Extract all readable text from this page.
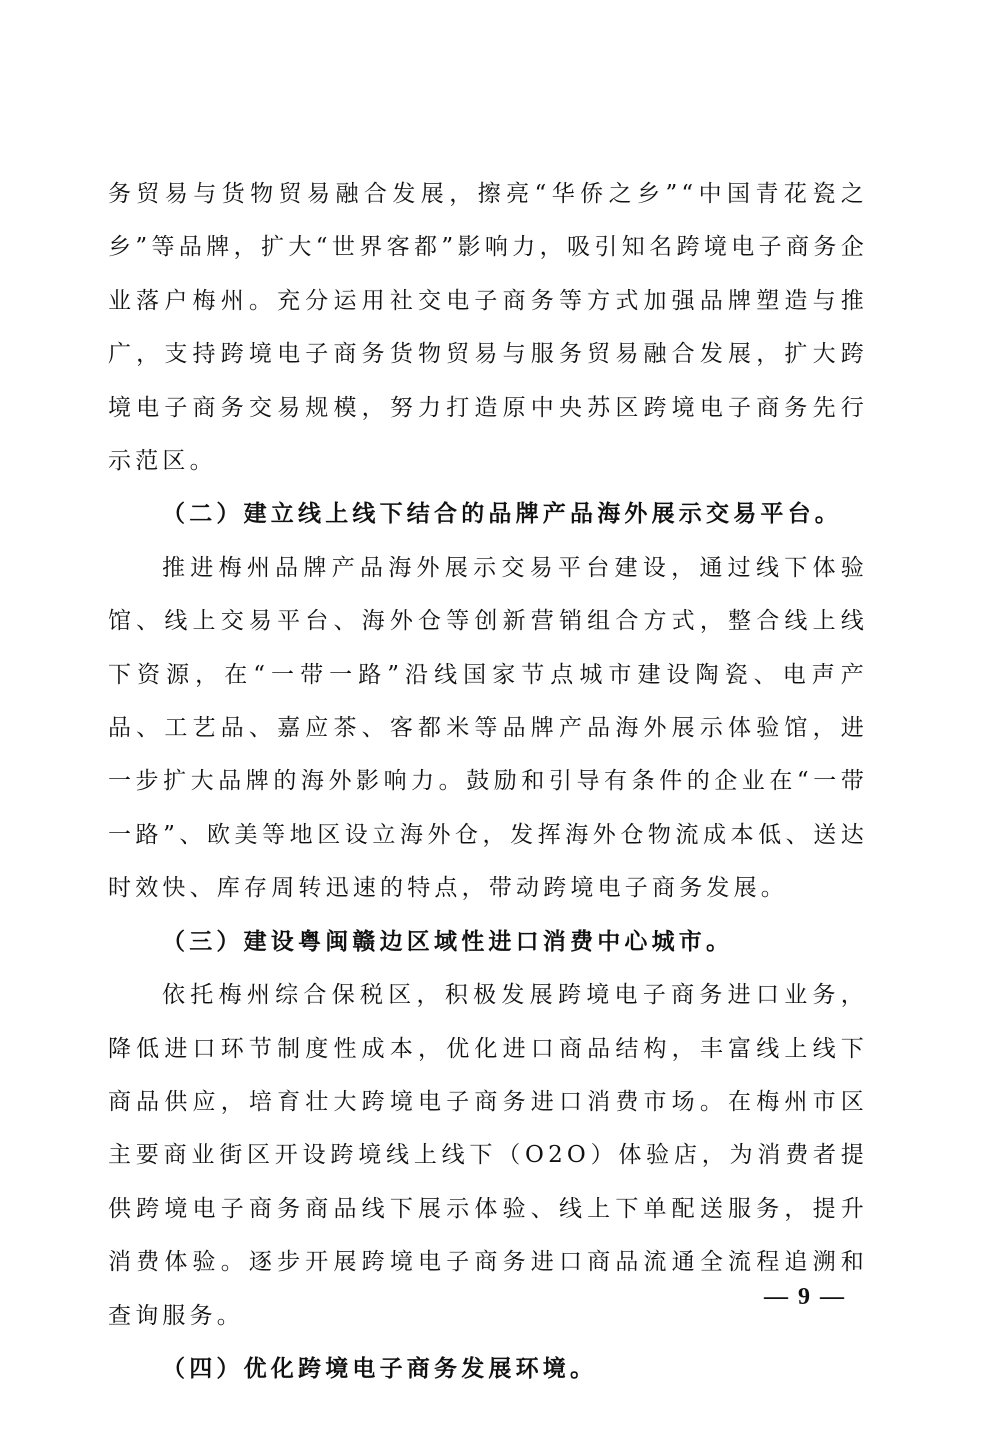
务贸易与货物贸易融合发展，擦亮“华侨之乡”“中国青花瓷之乡”等品牌，扩大“世界客都”影响力，吸引知名跨境电子商务企业落户梅州。充分运用社交电子商务等方式加强品牌塑造与推广，支持跨境电子商务货物贸易与服务贸易融合发展，扩大跨境电子商务交易规模，努力打造原中央苏区跨境电子商务先行示范区。

（二）建立线上线下结合的品牌产品海外展示交易平台。

推进梅州品牌产品海外展示交易平台建设，通过线下体验馆、线上交易平台、海外仓等创新营销组合方式，整合线上线下资源，在“一带一路”沿线国家节点城市建设陶瓷、电声产品、工艺品、嘉应茶、客都米等品牌产品海外展示体验馆，进一步扩大品牌的海外影响力。鼓励和引导有条件的企业在“一带一路”、欧美等地区设立海外仓，发挥海外仓物流成本低、送达时效快、库存周转迅速的特点，带动跨境电子商务发展。

（三）建设粤闽赣边区域性进口消费中心城市。

依托梅州综合保税区，积极发展跨境电子商务进口业务，降低进口环节制度性成本，优化进口商品结构，丰富线上线下商品供应，培育壮大跨境电子商务进口消费市场。在梅州市区主要商业街区开设跨境线上线下（O2O）体验店，为消费者提供跨境电子商务商品线下展示体验、线上下单配送服务，提升消费体验。逐步开展跨境电子商务进口商品流通全流程追溯和查询服务。

（四）优化跨境电子商务发展环境。

— 9 —
